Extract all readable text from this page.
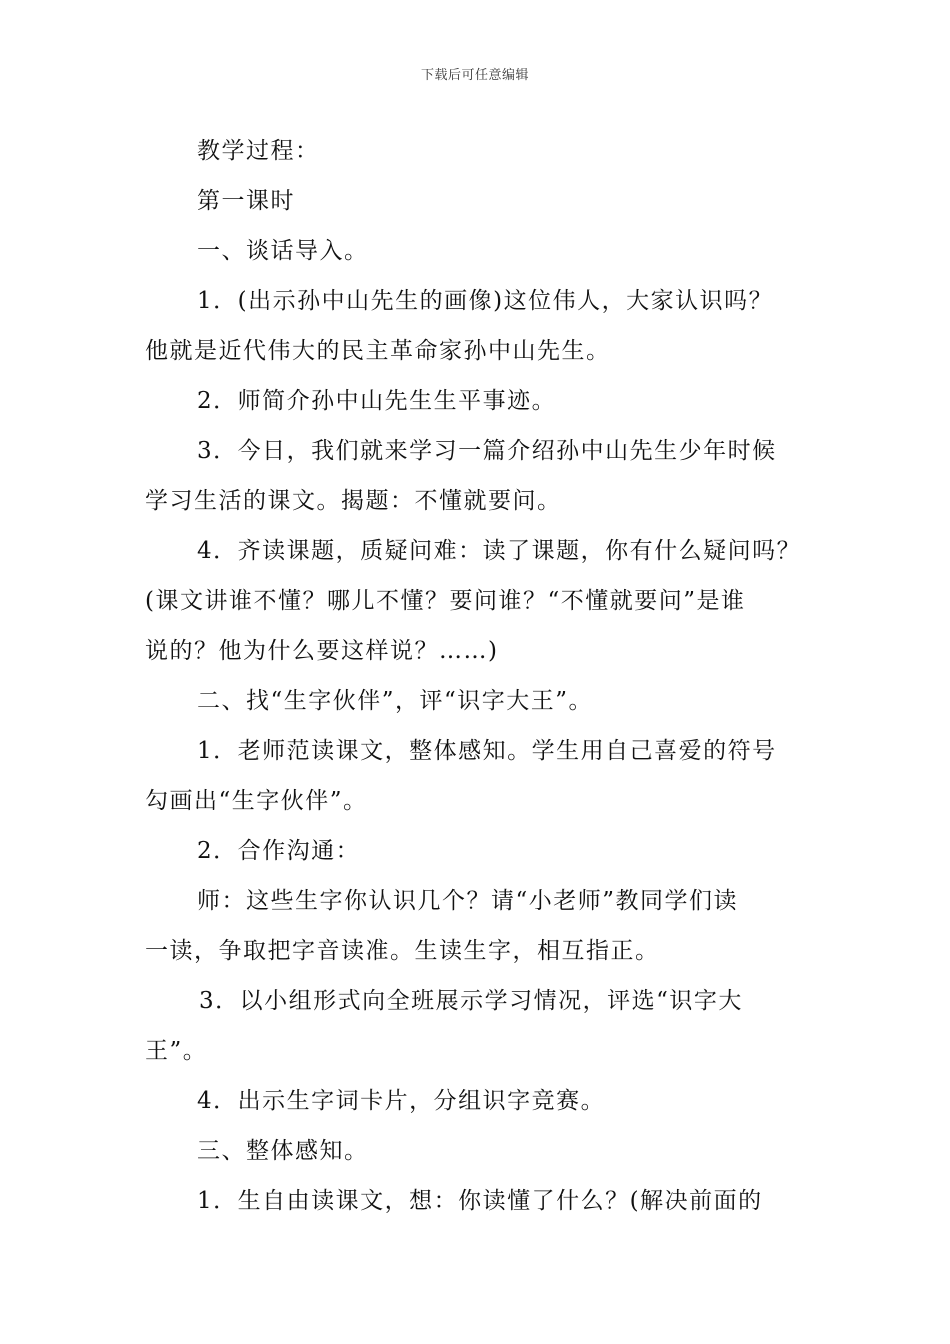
下载后可任意编辑
教学过程：
第一课时
一、谈话导入。
1．(出示孙中山先生的画像)这位伟人，大家认识吗？
他就是近代伟大的民主革命家孙中山先生。
2．师简介孙中山先生生平事迹。
3．今日，我们就来学习一篇介绍孙中山先生少年时候
学习生活的课文。揭题：不懂就要问。
4．齐读课题，质疑问难：读了课题，你有什么疑问吗？
(课文讲谁不懂？哪儿不懂？要问谁？“不懂就要问”是谁
说的？他为什么要这样说？……)
二、找“生字伙伴”，评“识字大王”。
1．老师范读课文，整体感知。学生用自己喜爱的符号
勾画出“生字伙伴”。
2．合作沟通：
师：这些生字你认识几个？请“小老师”教同学们读
一读，争取把字音读准。生读生字，相互指正。
3．以小组形式向全班展示学习情况，评选“识字大
王”。
4．出示生字词卡片，分组识字竞赛。
三、整体感知。
1．生自由读课文，想：你读懂了什么？(解决前面的
